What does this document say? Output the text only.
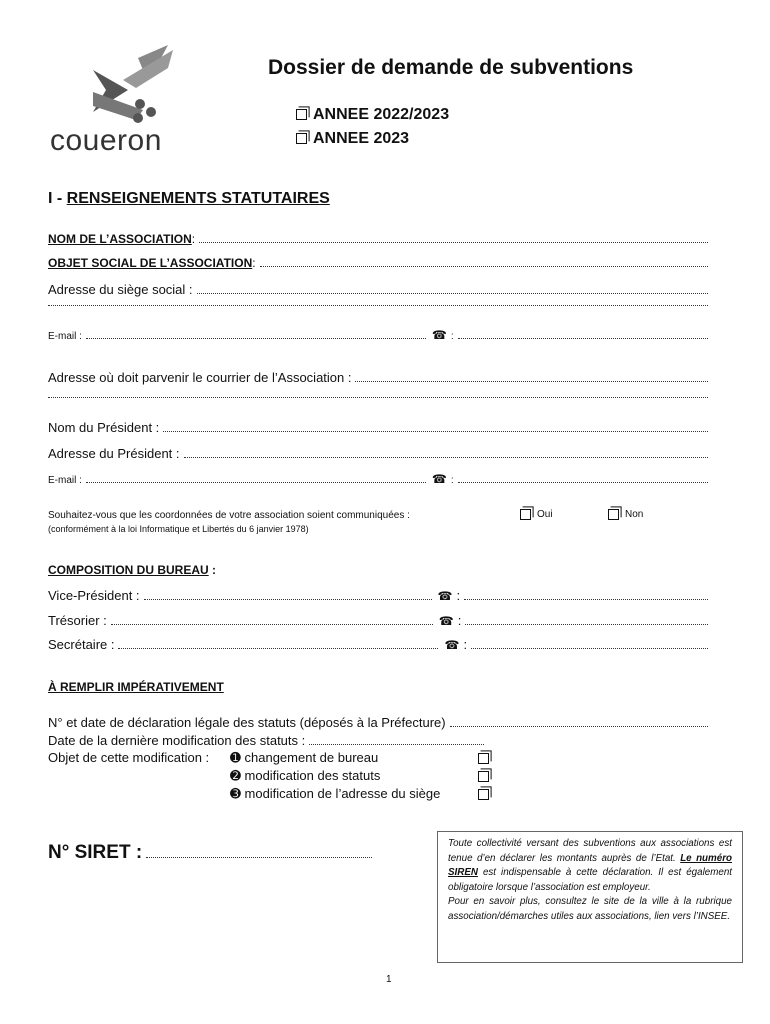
coueron
Dossier de demande de subventions
ANNEE 2022/2023
ANNEE 2023
I - RENSEIGNEMENTS STATUTAIRES
NOM DE L’ASSOCIATION :
OBJET SOCIAL DE L’ASSOCIATION :
Adresse du siège social :
E-mail :	☎ :
Adresse où doit parvenir le courrier de l’Association :
Nom du Président :
Adresse du Président :
E-mail :	☎ :
Souhaitez-vous que les coordonnées de votre association soient communiquées :
(conformément à la loi Informatique et Libertés du 6 janvier 1978)
Oui	Non
COMPOSITION DU BUREAU :
Vice-Président :	☎ :
Trésorier :	☎ :
Secrétaire :	☎ :
À REMPLIR IMPÉRATIVEMENT
N° et date de déclaration légale des statuts (déposés à la Préfecture)
Date de la dernière modification des statuts :
Objet de cette modification : ➊ changement de bureau
➋ modification des statuts
➌ modification de l’adresse du siège
N° SIRET :	Toute collectivité versant des subventions aux associations est tenue d’en déclarer les montants auprès de l’Etat. Le numéro SIREN est indispensable à cette déclaration. Il est également obligatoire lorsque l’association est employeur.
Pour en savoir plus, consultez le site de la ville à la rubrique association/démarches utiles aux associations, lien vers l’INSEE.
1
